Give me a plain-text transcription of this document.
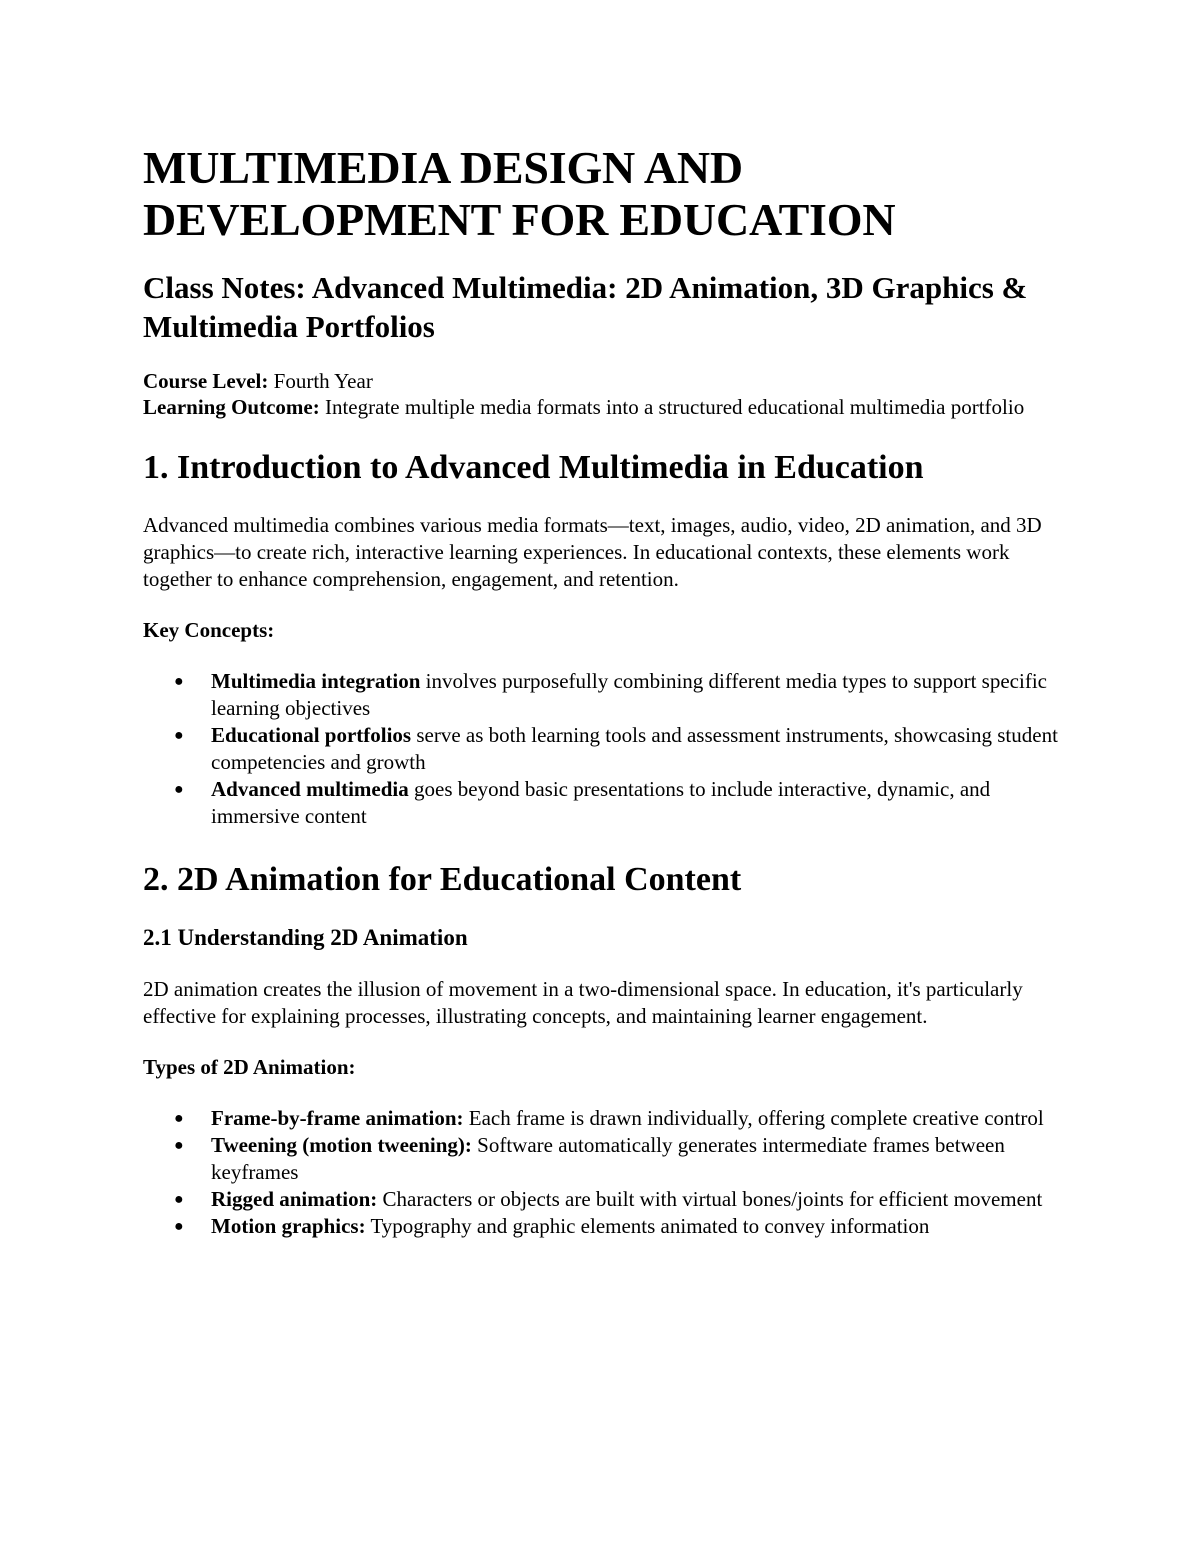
MULTIMEDIA DESIGN AND DEVELOPMENT FOR EDUCATION
Class Notes: Advanced Multimedia: 2D Animation, 3D Graphics & Multimedia Portfolios
Course Level: Fourth Year
Learning Outcome: Integrate multiple media formats into a structured educational multimedia portfolio
1. Introduction to Advanced Multimedia in Education

Advanced multimedia combines various media formats—text, images, audio, video, 2D animation, and 3D graphics—to create rich, interactive learning experiences. In educational contexts, these elements work together to enhance comprehension, engagement, and retention.

Key Concepts:

● Multimedia integration involves purposefully combining different media types to support specific learning objectives
● Educational portfolios serve as both learning tools and assessment instruments, showcasing student competencies and growth
● Advanced multimedia goes beyond basic presentations to include interactive, dynamic, and immersive content
2. 2D Animation for Educational Content
2.1 Understanding 2D Animation

2D animation creates the illusion of movement in a two-dimensional space. In education, it's particularly effective for explaining processes, illustrating concepts, and maintaining learner engagement.

Types of 2D Animation:

● Frame-by-frame animation: Each frame is drawn individually, offering complete creative control
● Tweening (motion tweening): Software automatically generates intermediate frames between keyframes
● Rigged animation: Characters or objects are built with virtual bones/joints for efficient movement
● Motion graphics: Typography and graphic elements animated to convey information
